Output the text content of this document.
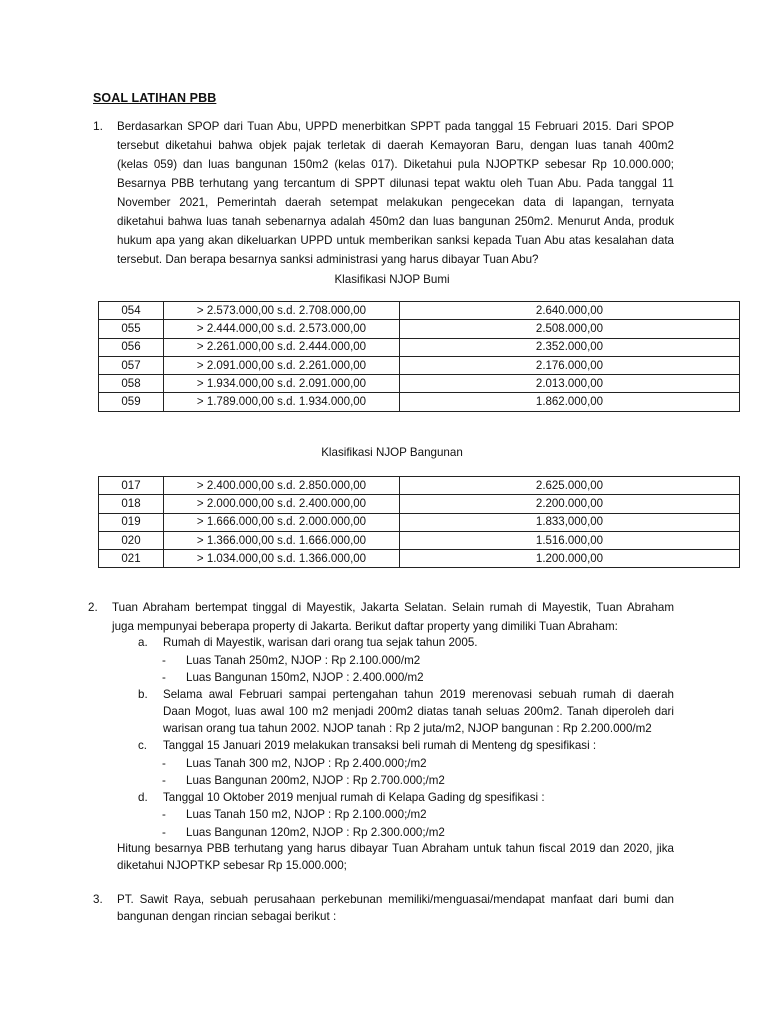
SOAL LATIHAN PBB
1. Berdasarkan SPOP dari Tuan Abu, UPPD menerbitkan SPPT pada tanggal 15 Februari 2015. Dari SPOP
tersebut diketahui bahwa objek pajak terletak di daerah Kemayoran Baru, dengan luas tanah 400m2
(kelas 059) dan luas bangunan 150m2 (kelas 017). Diketahui pula NJOPTKP sebesar Rp 10.000.000;
Besarnya PBB terhutang yang tercantum di SPPT dilunasi tepat waktu oleh Tuan Abu. Pada tanggal 11
November 2021, Pemerintah daerah setempat melakukan pengecekan data di lapangan, ternyata
diketahui bahwa luas tanah sebenarnya adalah 450m2 dan luas bangunan 250m2. Menurut Anda, produk
hukum apa yang akan dikeluarkan UPPD untuk memberikan sanksi kepada Tuan Abu atas kesalahan data
tersebut. Dan berapa besarnya sanksi administrasi yang harus dibayar Tuan Abu?
Klasifikasi NJOP Bumi
054	> 2.573.000,00 s.d. 2.708.000,00	2.640.000,00
055	> 2.444.000,00 s.d. 2.573.000,00	2.508.000,00
056	> 2.261.000,00 s.d. 2.444.000,00	2.352.000,00
057	> 2.091.000,00 s.d. 2.261.000,00	2.176.000,00
058	> 1.934.000,00 s.d. 2.091.000,00	2.013.000,00
059	> 1.789.000,00 s.d. 1.934.000,00	1.862.000,00
Klasifikasi NJOP Bangunan
017	> 2.400.000,00 s.d. 2.850.000,00	2.625.000,00
018	> 2.000.000,00 s.d. 2.400.000,00	2.200.000,00
019	> 1.666.000,00 s.d. 2.000.000,00	1.833,000,00
020	> 1.366.000,00 s.d. 1.666.000,00	1.516.000,00
021	> 1.034.000,00 s.d. 1.366.000,00	1.200.000,00
2. Tuan Abraham bertempat tinggal di Mayestik, Jakarta Selatan. Selain rumah di Mayestik, Tuan Abraham
juga mempunyai beberapa property di Jakarta. Berikut daftar property yang dimiliki Tuan Abraham:
a. Rumah di Mayestik, warisan dari orang tua sejak tahun 2005.
- Luas Tanah 250m2, NJOP : Rp 2.100.000/m2
- Luas Bangunan 150m2, NJOP : 2.400.000/m2
b. Selama awal Februari sampai pertengahan tahun 2019 merenovasi sebuah rumah di daerah
Daan Mogot, luas awal 100 m2 menjadi 200m2 diatas tanah seluas 200m2. Tanah diperoleh dari
warisan orang tua tahun 2002. NJOP tanah : Rp 2 juta/m2, NJOP bangunan : Rp 2.200.000/m2
c. Tanggal 15 Januari 2019 melakukan transaksi beli rumah di Menteng dg spesifikasi :
- Luas Tanah 300 m2, NJOP : Rp 2.400.000;/m2
- Luas Bangunan 200m2, NJOP : Rp 2.700.000;/m2
d. Tanggal 10 Oktober 2019 menjual rumah di Kelapa Gading dg spesifikasi :
- Luas Tanah 150 m2, NJOP : Rp 2.100.000;/m2
- Luas Bangunan 120m2, NJOP : Rp 2.300.000;/m2
Hitung besarnya PBB terhutang yang harus dibayar Tuan Abraham untuk tahun fiscal 2019 dan 2020, jika
diketahui NJOPTKP sebesar Rp 15.000.000;
3. PT. Sawit Raya, sebuah perusahaan perkebunan memiliki/menguasai/mendapat manfaat dari bumi dan
bangunan dengan rincian sebagai berikut :
